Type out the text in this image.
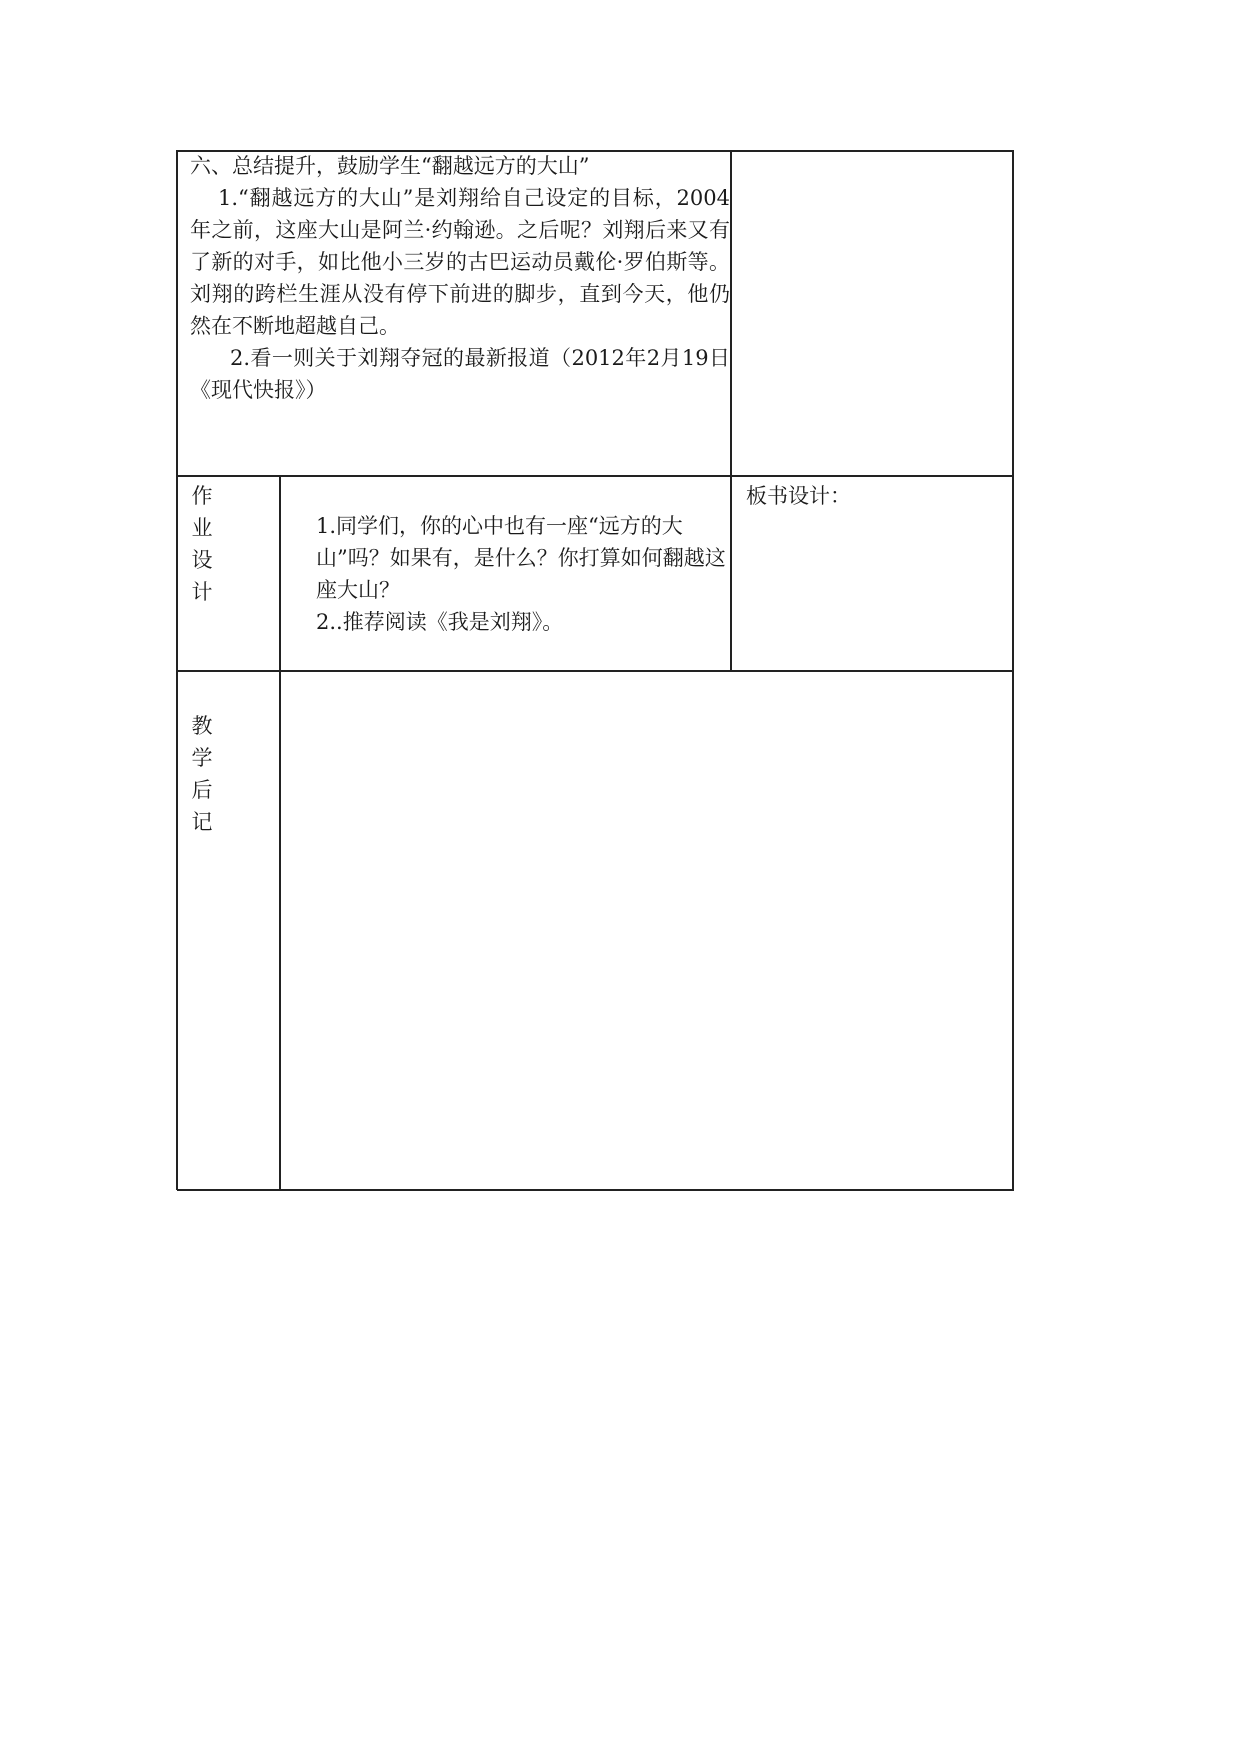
六、总结提升，鼓励学生“翻越远方的大山”
1.“翻越远方的大山”是刘翔给自己设定的目标，2004年之前，这座大山是阿兰·约翰逊。之后呢？刘翔后来又有了新的对手，如比他小三岁的古巴运动员戴伦·罗伯斯等。刘翔的跨栏生涯从没有停下前进的脚步，直到今天，他仍然在不断地超越自己。
2.看一则关于刘翔夺冠的最新报道（2012年2月19日《现代快报》）
作
业
设
计

1.同学们，你的心中也有一座“远方的大山”吗？如果有，是什么？你打算如何翻越这座大山？

2..推荐阅读《我是刘翔》。

板书设计：
教
学
后
记
